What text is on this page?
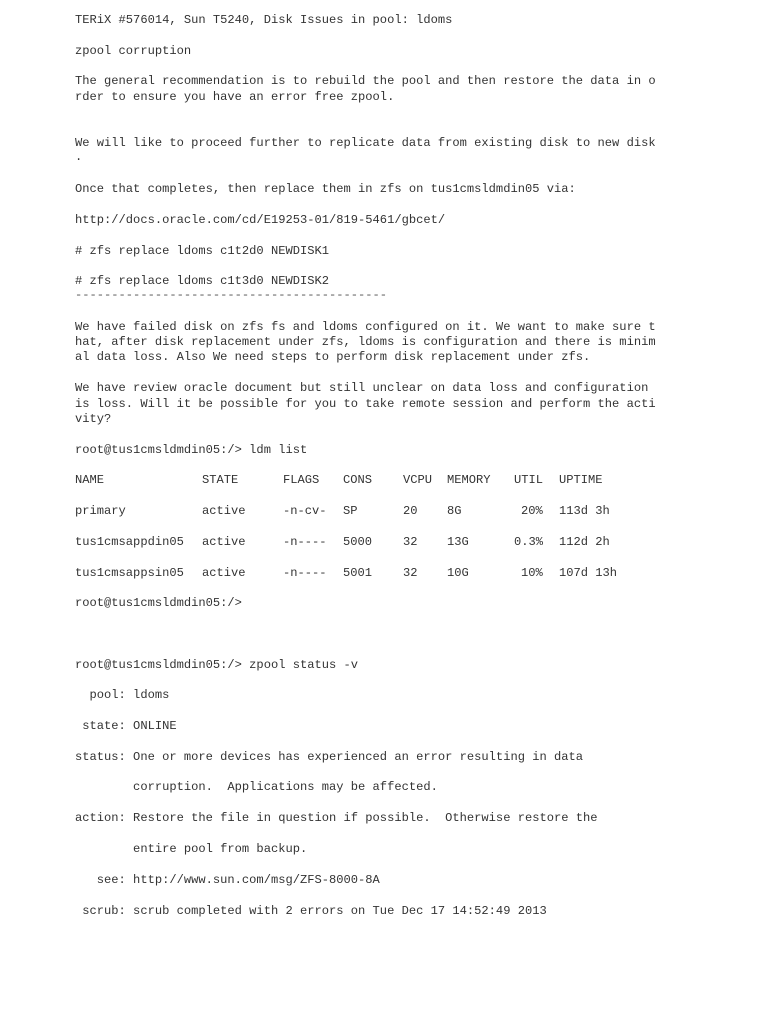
TERiX #576014, Sun T5240, Disk Issues in pool: ldoms
zpool corruption
The general recommendation is to rebuild the pool and then restore the data in o
rder to ensure you have an error free zpool.
We will like to proceed further to replicate data from existing disk to new disk
.
Once that completes, then replace them in zfs on tus1cmsldmdin05 via:
http://docs.oracle.com/cd/E19253-01/819-5461/gbcet/
# zfs replace ldoms c1t2d0 NEWDISK1
# zfs replace ldoms c1t3d0 NEWDISK2
-------------------------------------------
We have failed disk on zfs fs and ldoms configured on it. We want to make sure t
hat, after disk replacement under zfs, ldoms is configuration and there is minim
al data loss. Also We need steps to perform disk replacement under zfs.
We have review oracle document but still unclear on data loss and configuration
is loss. Will it be possible for you to take remote session and perform the acti
vity?
root@tus1cmsldmdin05:/> ldm list
NAME	STATE	FLAGS CONS	VCPU MEMORY UTIL UPTIME
primary	active	-n-cv- SP	20 8G	20% 113d 3h
tus1cmsappdin05 active	-n---- 5000	32 13G	0.3% 112d 2h
tus1cmsappsin05 active	-n---- 5001	32 10G	10% 107d 13h
root@tus1cmsldmdin05:/>
root@tus1cmsldmdin05:/> zpool status -v
pool: ldoms
state: ONLINE
status: One or more devices has experienced an error resulting in data
corruption.  Applications may be affected.
action: Restore the file in question if possible.  Otherwise restore the
entire pool from backup.
see: http://www.sun.com/msg/ZFS-8000-8A
scrub: scrub completed with 2 errors on Tue Dec 17 14:52:49 2013
